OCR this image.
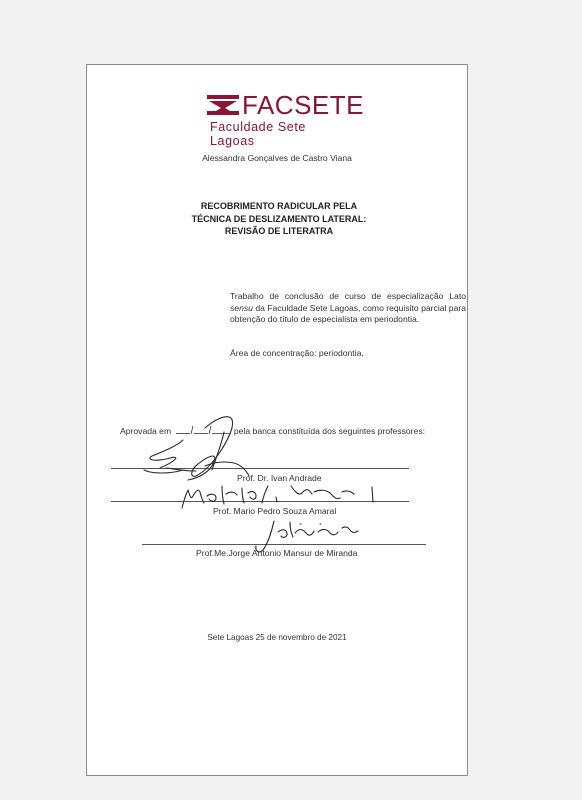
FACSETE
Faculdade Sete Lagoas
Alessandra Gonçalves de Castro Viana
RECOBRIMENTO RADICULAR PELA
TÉCNICA DE DESLIZAMENTO LATERAL:
REVISÃO DE LITERATRA
Trabalho de conclusão de curso de especialização Lato sensu da Faculdade Sete Lagoas, como requisito parcial para obtenção do título de especialista em periodontia.
Área de concentração: periodontia.
Aprovada em	pela banca constituída dos seguintes professores:
Prof. Dr. Ivan Andrade
Prof. Mario Pedro Souza Amaral
Prof.Me.Jorge Antonio Mansur de Miranda
Sete Lagoas 25 de novembro de 2021
